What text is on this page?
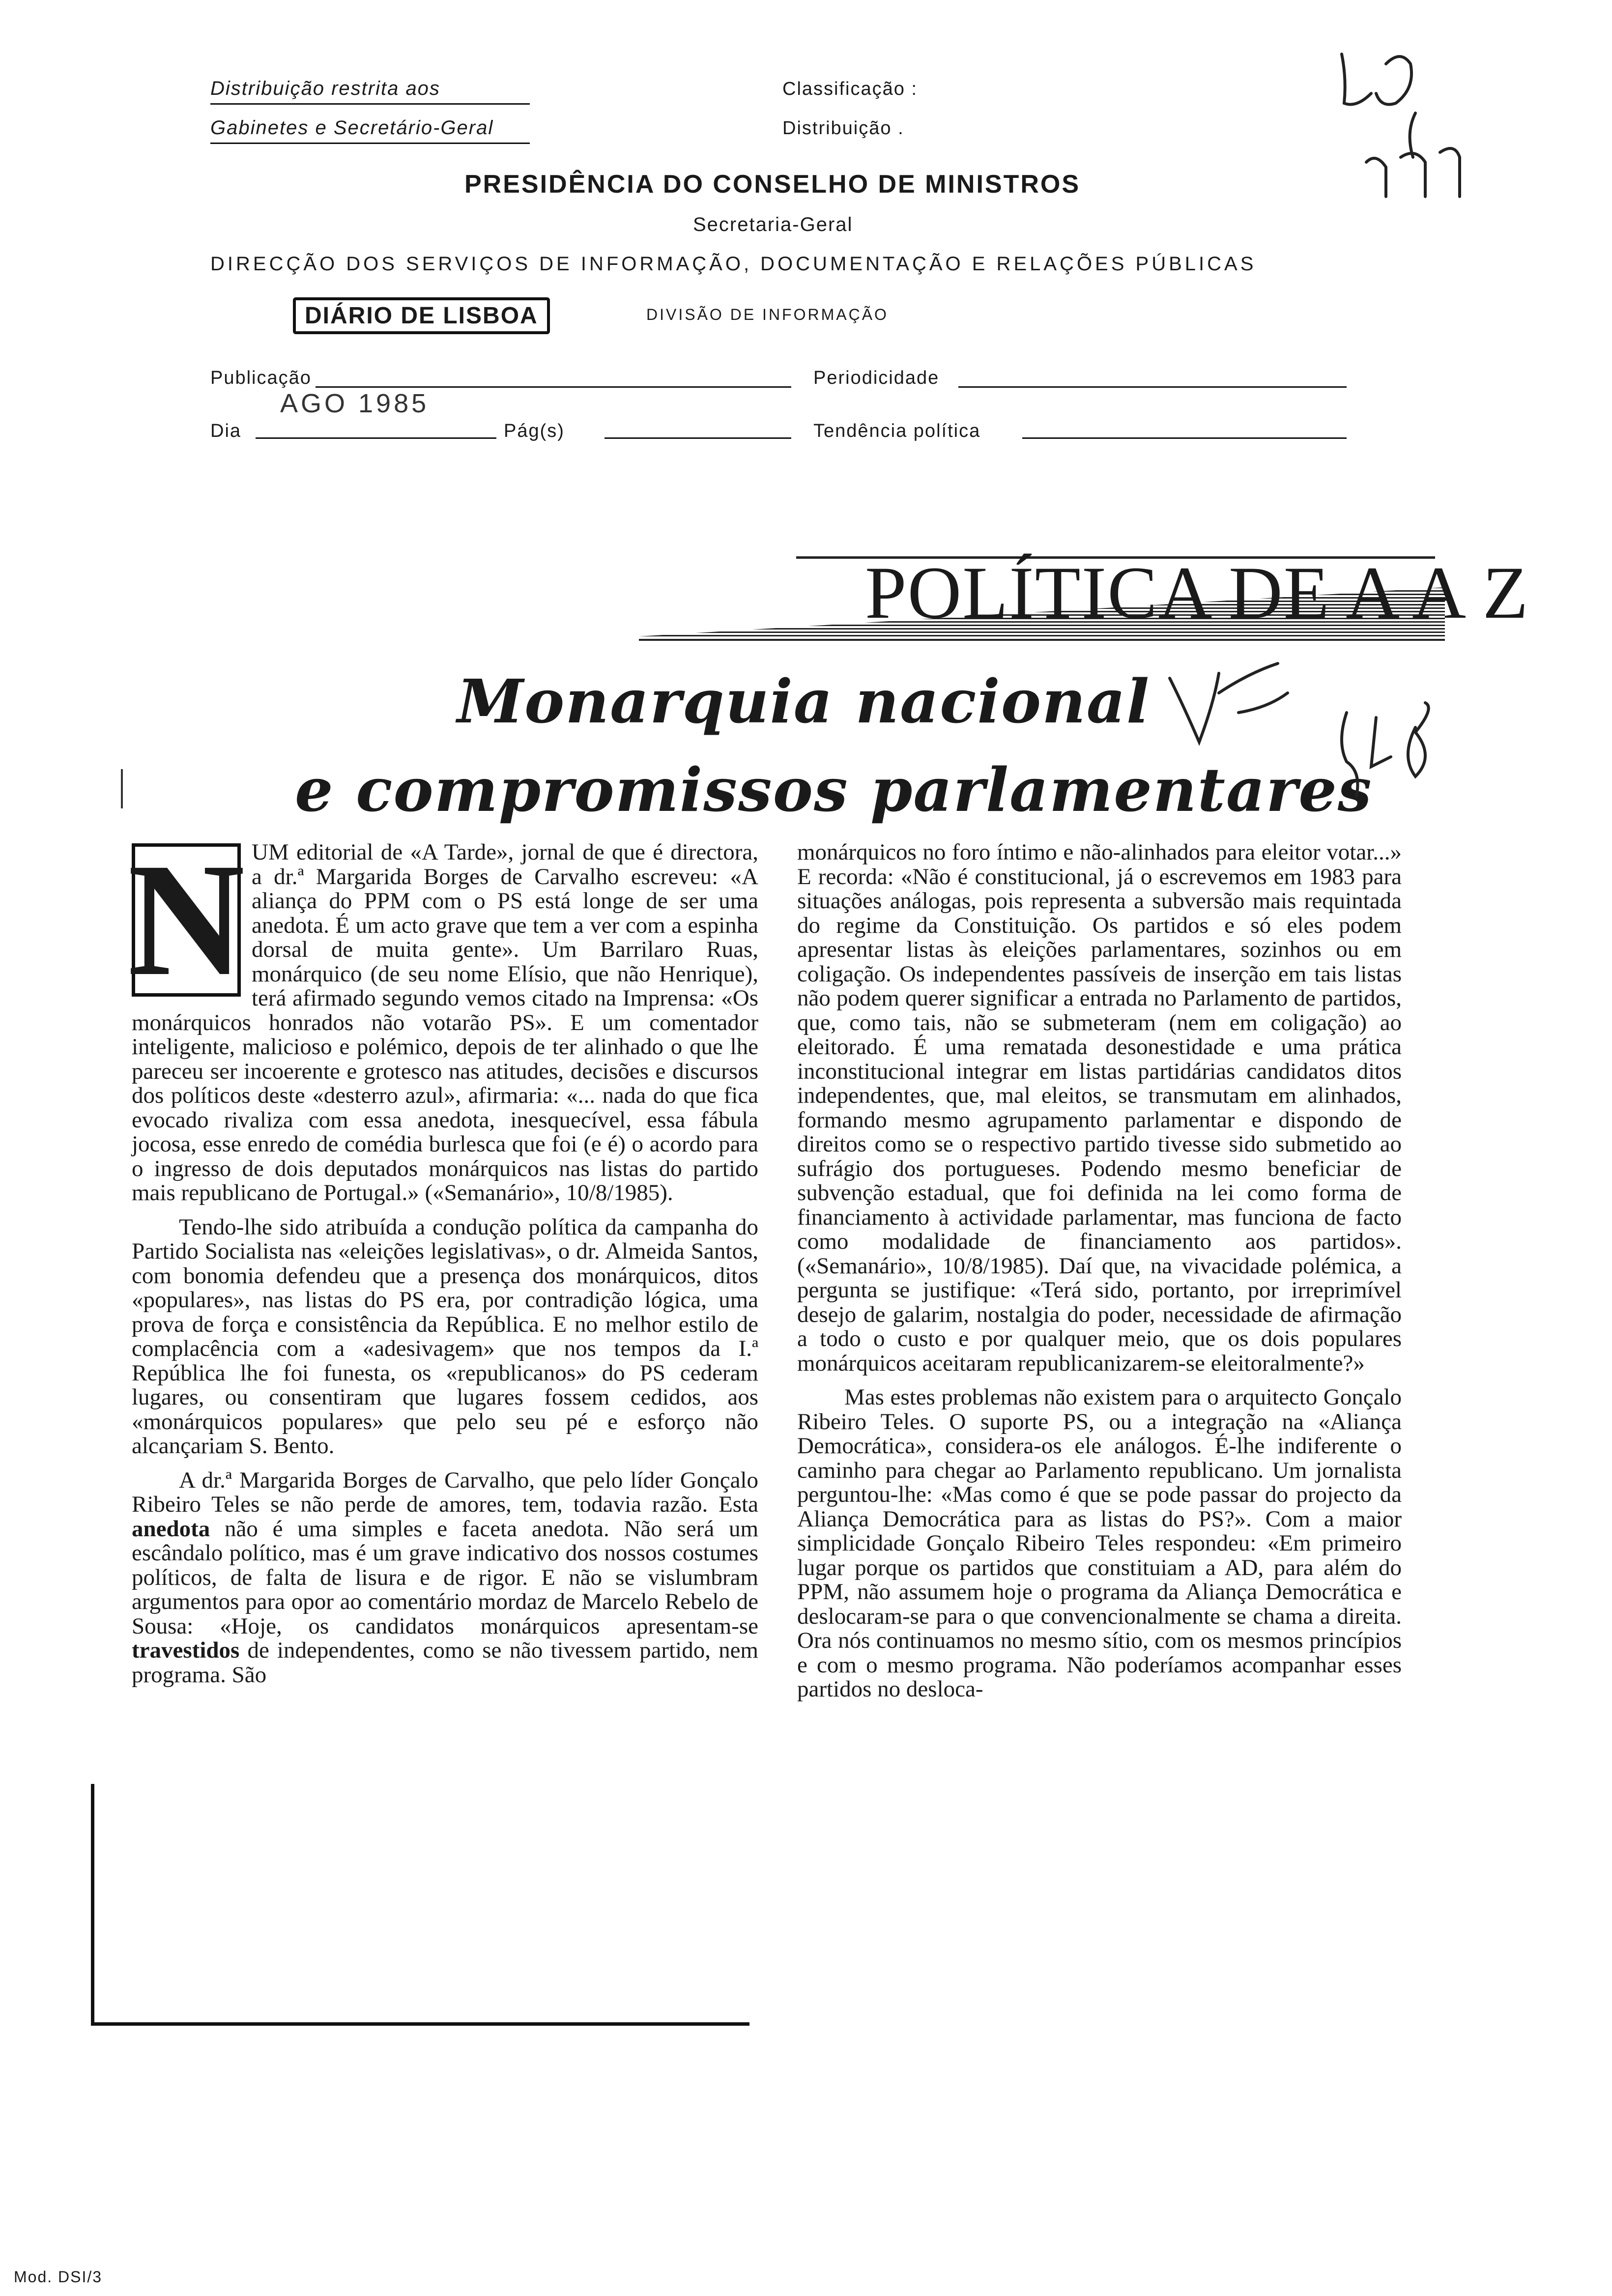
Distribuição restrita aos
Gabinetes e Secretário-Geral
Classificação :
Distribuição .
PRESIDÊNCIA DO CONSELHO DE MINISTROS
Secretaria-Geral
DIRECÇÃO DOS SERVIÇOS DE INFORMAÇÃO, DOCUMENTAÇÃO E RELAÇÕES PÚBLICAS
DIÁRIO DE LISBOA	DIVISÃO DE INFORMAÇÃO
Publicação	Periodicidade
AGO 1985
Dia	Pág(s)	Tendência política
POLÍTICA DE A A Z
Monarquia nacional
e compromissos parlamentares
N UM editorial de «A Tarde», jornal de que é directora, a dr.ª Margarida Borges de Carvalho escreveu: «A aliança do PPM com o PS está longe de ser uma anedota. É um acto grave que tem a ver com a espinha dorsal de muita gente». Um Barrilaro Ruas, monárquico (de seu nome Elísio, que não Henrique), terá afirmado segundo vemos citado na Imprensa: «Os monárquicos honrados não votarão PS». E um comentador inteligente, malicioso e polémico, depois de ter alinhado o que lhe pareceu ser incoerente e grotesco nas atitudes, decisões e discursos dos políticos deste «desterro azul», afirmaria: «... nada do que fica evocado rivaliza com essa anedota, inesquecível, essa fábula jocosa, esse enredo de comédia burlesca que foi (e é) o acordo para o ingresso de dois deputados monárquicos nas listas do partido mais republicano de Portugal.» («Semanário», 10/8/1985).

Tendo-lhe sido atribuída a condução política da campanha do Partido Socialista nas «eleições legislativas», o dr. Almeida Santos, com bonomia defendeu que a presença dos monárquicos, ditos «populares», nas listas do PS era, por contradição lógica, uma prova de força e consistência da República. E no melhor estilo de complacência com a «adesivagem» que nos tempos da I.ª República lhe foi funesta, os «republicanos» do PS cederam lugares, ou consentiram que lugares fossem cedidos, aos «monárquicos populares» que pelo seu pé e esforço não alcançariam S. Bento.

A dr.ª Margarida Borges de Carvalho, que pelo líder Gonçalo Ribeiro Teles se não perde de amores, tem, todavia razão. Esta anedota não é uma simples e faceta anedota. Não será um escândalo político, mas é um grave indicativo dos nossos costumes políticos, de falta de lisura e de rigor. E não se vislumbram argumentos para opor ao comentário mordaz de Marcelo Rebelo de Sousa: «Hoje, os candidatos monárquicos apresentam-se travestidos de independentes, como se não tivessem partido, nem programa. São

monárquicos no foro íntimo e não-alinhados para eleitor votar...» E recorda: «Não é constitucional, já o escrevemos em 1983 para situações análogas, pois representa a subversão mais requintada do regime da Constituição. Os partidos e só eles podem apresentar listas às eleições parlamentares, sozinhos ou em coligação. Os independentes passíveis de inserção em tais listas não podem querer significar a entrada no Parlamento de partidos, que, como tais, não se submeteram (nem em coligação) ao eleitorado. É uma rematada desonestidade e uma prática inconstitucional integrar em listas partidárias candidatos ditos independentes, que, mal eleitos, se transmutam em alinhados, formando mesmo agrupamento parlamentar e dispondo de direitos como se o respectivo partido tivesse sido submetido ao sufrágio dos portugueses. Podendo mesmo beneficiar de subvenção estadual, que foi definida na lei como forma de financiamento à actividade parlamentar, mas funciona de facto como modalidade de financiamento aos partidos». («Semanário», 10/8/1985). Daí que, na vivacidade polémica, a pergunta se justifique: «Terá sido, portanto, por irreprimível desejo de galarim, nostalgia do poder, necessidade de afirmação a todo o custo e por qualquer meio, que os dois populares monárquicos aceitaram republicanizarem-se eleitoralmente?»

Mas estes problemas não existem para o arquitecto Gonçalo Ribeiro Teles. O suporte PS, ou a integração na «Aliança Democrática», considera-os ele análogos. É-lhe indiferente o caminho para chegar ao Parlamento republicano. Um jornalista perguntou-lhe: «Mas como é que se pode passar do projecto da Aliança Democrática para as listas do PS?». Com a maior simplicidade Gonçalo Ribeiro Teles respondeu: «Em primeiro lugar porque os partidos que constituiam a AD, para além do PPM, não assumem hoje o programa da Aliança Democrática e deslocaram-se para o que convencionalmente se chama a direita. Ora nós continuamos no mesmo sítio, com os mesmos princípios e com o mesmo programa. Não poderíamos acompanhar esses partidos no desloca-

Mod. DSI/3
